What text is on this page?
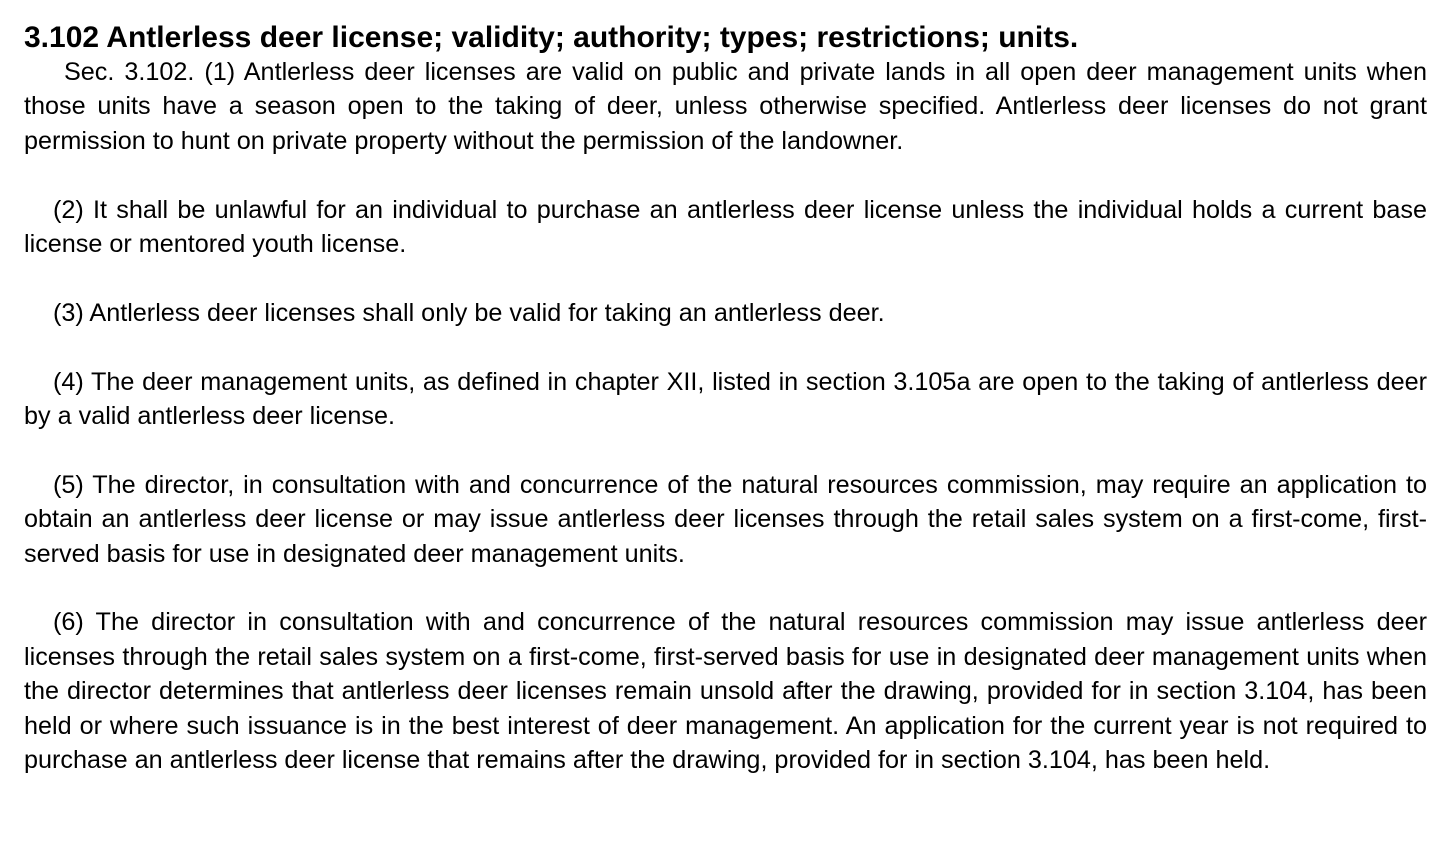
3.102 Antlerless deer license; validity; authority; types; restrictions; units.

Sec. 3.102. (1) Antlerless deer licenses are valid on public and private lands in all open deer management units when those units have a season open to the taking of deer, unless otherwise specified. Antlerless deer licenses do not grant permission to hunt on private property without the permission of the landowner.

(2) It shall be unlawful for an individual to purchase an antlerless deer license unless the individual holds a current base license or mentored youth license.

(3) Antlerless deer licenses shall only be valid for taking an antlerless deer.

(4) The deer management units, as defined in chapter XII, listed in section 3.105a are open to the taking of antlerless deer by a valid antlerless deer license.

(5) The director, in consultation with and concurrence of the natural resources commission, may require an application to obtain an antlerless deer license or may issue antlerless deer licenses through the retail sales system on a first-come, first-served basis for use in designated deer management units.

(6) The director in consultation with and concurrence of the natural resources commission may issue antlerless deer licenses through the retail sales system on a first-come, first-served basis for use in designated deer management units when the director determines that antlerless deer licenses remain unsold after the drawing, provided for in section 3.104, has been held or where such issuance is in the best interest of deer management. An application for the current year is not required to purchase an antlerless deer license that remains after the drawing, provided for in section 3.104, has been held.
